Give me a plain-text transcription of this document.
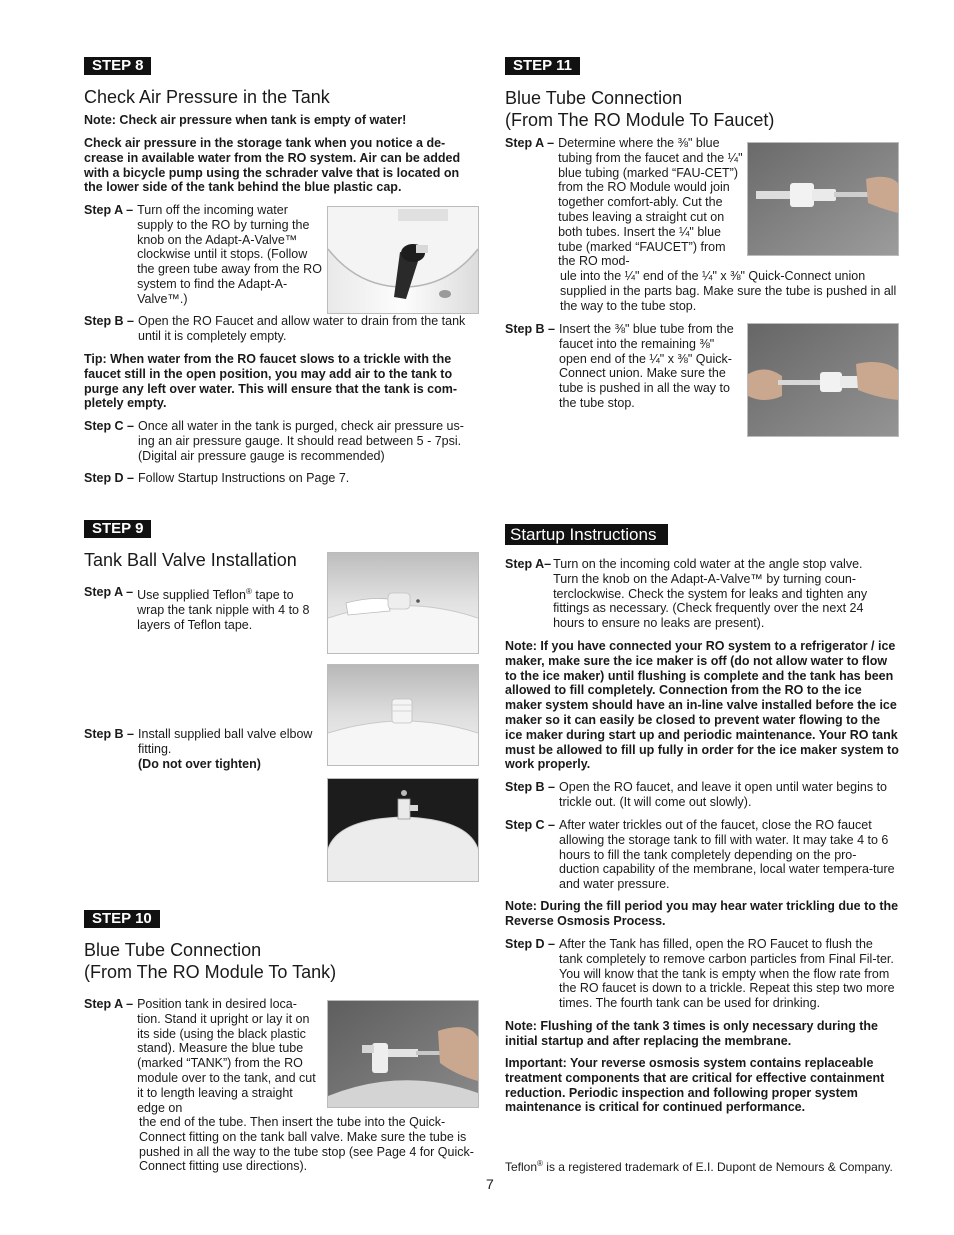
STEP 8
Check Air Pressure in the Tank

Note: Check air pressure when tank is empty of water!

Check air pressure in the storage tank when you notice a de-crease in available water from the RO system. Air can be added with a bicycle pump using the schrader valve that is located on the lower side of the tank behind the blue plastic cap.

Step A – Turn off the incoming water supply to the RO by turning the knob on the Adapt-A-Valve™ clockwise until it stops. (Follow the green tube away from the RO system to find the Adapt-A-Valve™.)
Step B – Open the RO Faucet and allow water to drain from the tank until it is completely empty.

Tip: When water from the RO faucet slows to a trickle with the faucet still in the open position, you may add air to the tank to purge any left over water. This will ensure that the tank is com-pletely empty.

Step C – Once all water in the tank is purged, check air pressure us-ing an air pressure gauge. It should read between 5 - 7psi. (Digital air pressure gauge is recommended)
Step D – Follow Startup Instructions on Page 7.
STEP 9
Tank Ball Valve Installation
Step A – Use supplied Teflon® tape to wrap the tank nipple with 4 to 8 layers of Teflon tape.
Step B – Install supplied ball valve elbow fitting.
(Do not over tighten)
STEP 10
Blue Tube Connection
(From The RO Module To Tank)
Step A – Position tank in desired loca-tion. Stand it upright or lay it on its side (using the black plastic stand). Measure the blue tube (marked “TANK”) from the RO module over to the tank, and cut it to length leaving a straight edge on

the end of the tube. Then insert the tube into the Quick-Connect fitting on the tank ball valve. Make sure the tube is pushed in all the way to the tube stop (see Page 4 for Quick-Connect fitting use directions).

STEP 11
Blue Tube Connection
(From The RO Module To Faucet)
Step A – Determine where the ⅜" blue tubing from the faucet and the ¼" blue tubing (marked “FAU-CET”) from the RO Module would join together comfort-ably. Cut the tubes leaving a straight cut on both tubes. Insert the ¼" blue tube (marked “FAUCET”) from the RO mod-

ule into the ¼" end of the ¼" x ⅜" Quick-Connect union supplied in the parts bag. Make sure the tube is pushed in all the way to the tube stop.

Step B – Insert the ⅜" blue tube from the faucet into the remaining ⅜" open end of the ¼" x ⅜" Quick-Connect union. Make sure the tube is pushed in all the way to the tube stop.
Startup Instructions
Step A– Turn on the incoming cold water at the angle stop valve. Turn the knob on the Adapt-A-Valve™ by turning coun-terclockwise. Check the system for leaks and tighten any fittings as necessary. (Check frequently over the next 24 hours to ensure no leaks are present).

Note: If you have connected your RO system to a refrigerator / ice maker, make sure the ice maker is off (do not allow water to flow to the ice maker) until flushing is complete and the tank has been allowed to fill completely. Connection from the RO to the ice maker system should have an in-line valve installed before the ice maker so it can easily be closed to prevent water flowing to the ice maker during start up and periodic maintenance. Your RO tank must be allowed to fill up fully in order for the ice maker system to work properly.

Step B – Open the RO faucet, and leave it open until water begins to trickle out. (It will come out slowly).
Step C – After water trickles out of the faucet, close the RO faucet allowing the storage tank to fill with water. It may take 4 to 6 hours to fill the tank completely depending on the pro-duction capability of the membrane, local water tempera-ture and water pressure.

Note: During the fill period you may hear water trickling due to the Reverse Osmosis Process.

Step D – After the Tank has filled, open the RO Faucet to flush the tank completely to remove carbon particles from Final Fil-ter. You will know that the tank is empty when the flow rate from the RO faucet is down to a trickle. Repeat this step two more times. The fourth tank can be used for drinking.

Note: Flushing of the tank 3 times is only necessary during the initial startup and after replacing the membrane.

Important: Your reverse osmosis system contains replaceable treatment components that are critical for effective containment reduction. Periodic inspection and following proper system maintenance is critical for continued performance.

Teflon® is a registered trademark of E.I. Dupont de Nemours & Company.

7
